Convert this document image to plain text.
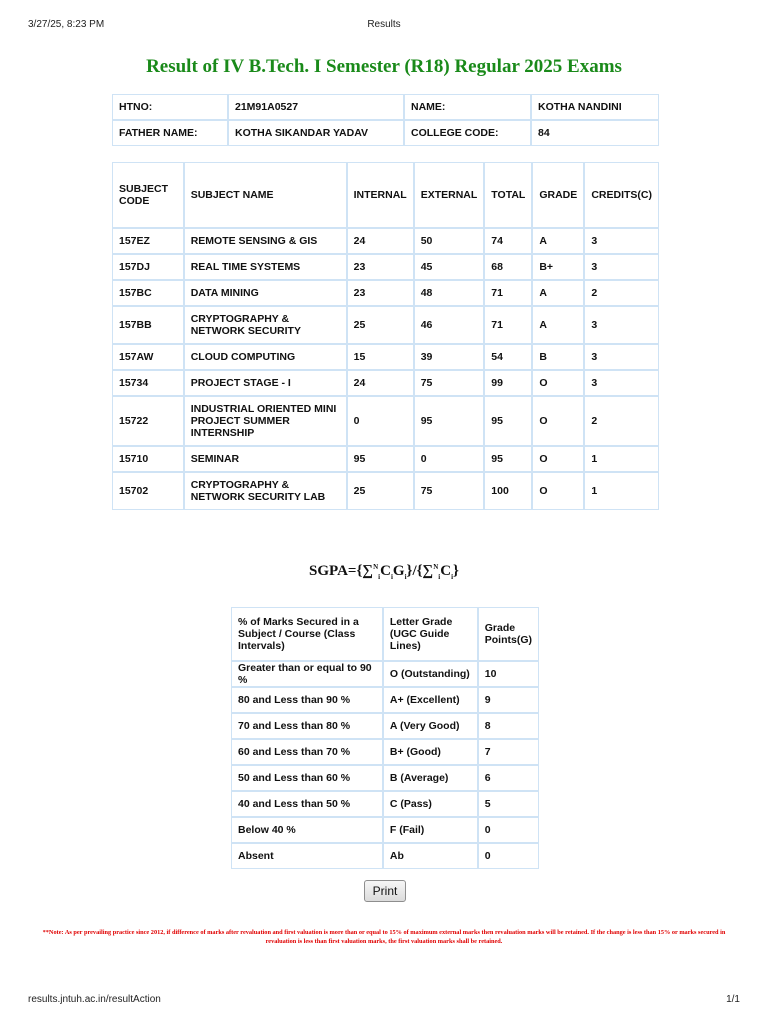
3/27/25, 8:23 PM	Results
Result of IV B.Tech. I Semester (R18) Regular 2025 Exams
HTNO:	21M91A0527	NAME:	KOTHA NANDINI
FATHER NAME:	KOTHA SIKANDAR YADAV	COLLEGE CODE:	84
SUBJECT CODE	SUBJECT NAME	INTERNAL	EXTERNAL	TOTAL	GRADE	CREDITS(C)
157EZ	REMOTE SENSING & GIS	24	50	74	A	3
157DJ	REAL TIME SYSTEMS	23	45	68	B+	3
157BC	DATA MINING	23	48	71	A	2
157BB	CRYPTOGRAPHY & NETWORK SECURITY	25	46	71	A	3
157AW	CLOUD COMPUTING	15	39	54	B	3
15734	PROJECT STAGE - I	24	75	99	O	3
15722	INDUSTRIAL ORIENTED MINI PROJECT SUMMER INTERNSHIP	0	95	95	O	2
15710	SEMINAR	95	0	95	O	1
15702	CRYPTOGRAPHY & NETWORK SECURITY LAB	25	75	100	O	1
$SGPA=\{\sum^N_iC_iG_i\}/\{\sum^N_iC_i\}$
% of Marks Secured in a Subject / Course (Class Intervals)	Letter Grade (UGC Guide Lines)	Grade Points(G)
Greater than or equal to 90 %	O (Outstanding)	10
80 and Less than 90 %	A+ (Excellent)	9
70 and Less than 80 %	A (Very Good)	8
60 and Less than 70 %	B+ (Good)	7
50 and Less than 60 %	B (Average)	6
40 and Less than 50 %	C (Pass)	5
Below 40 %	F (Fail)	0
Absent	Ab	0
Print
**Note: As per prevailing practice since 2012, if difference of marks after revaluation and first valuation is more than or equal to 15% of maximum external marks then revaluation marks will be retained. If the change is less than 15% or marks secured in revaluation is less than first valuation marks, the first valuation marks shall be retained.
results.jntuh.ac.in/resultAction	1/1
